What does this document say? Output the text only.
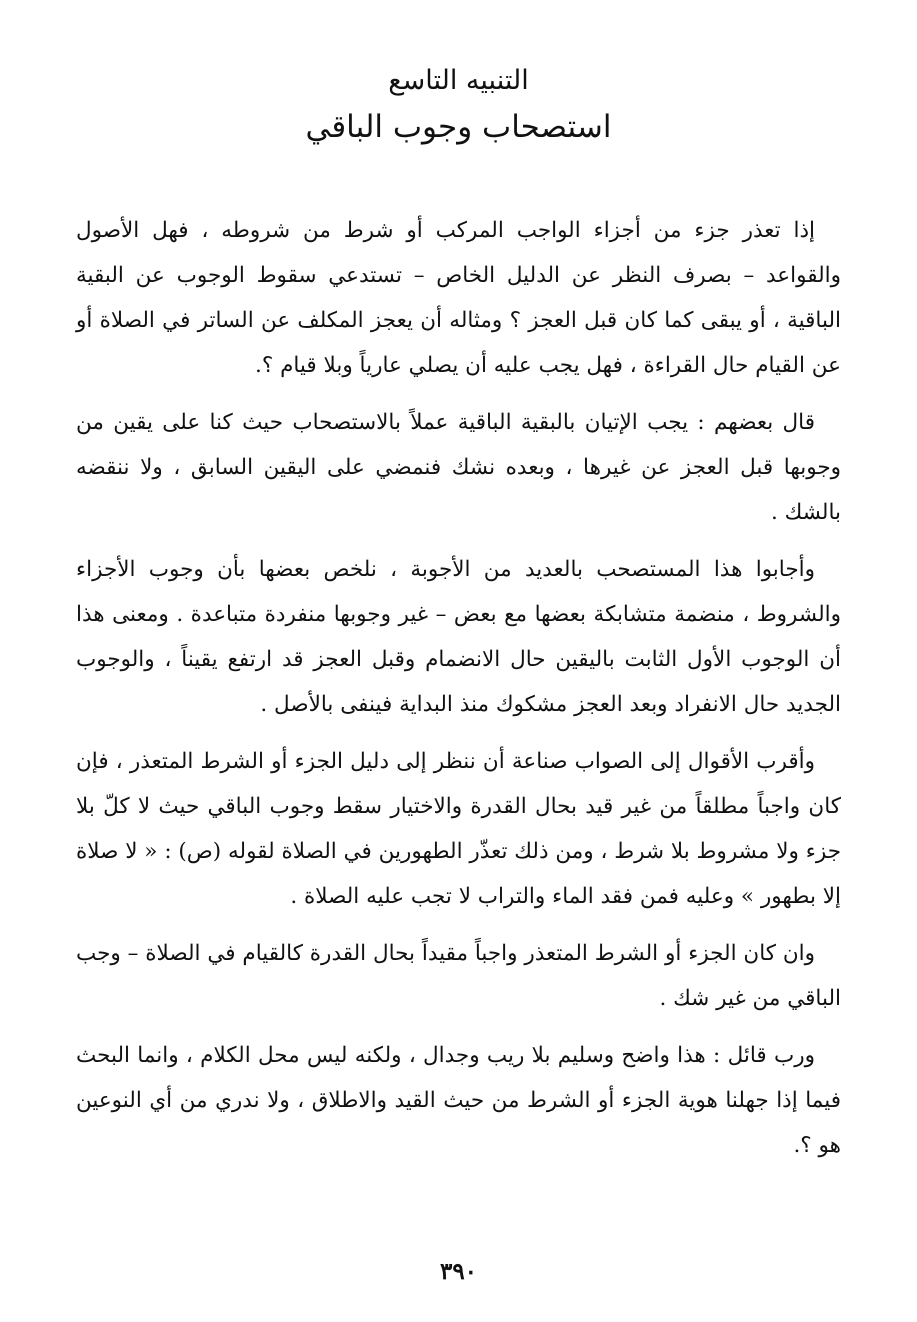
التنبيه التاسع
استصحاب وجوب الباقي

إذا تعذر جزء من أجزاء الواجب المركب أو شرط من شروطه ، فهل الأصول والقواعد – بصرف النظر عن الدليل الخاص – تستدعي سقوط الوجوب عن البقية الباقية ، أو يبقى كما كان قبل العجز ؟ ومثاله أن يعجز المكلف عن الساتر في الصلاة أو عن القيام حال القراءة ، فهل يجب عليه أن يصلي عارياً وبلا قيام ؟.

قال بعضهم : يجب الإتيان بالبقية الباقية عملاً بالاستصحاب حيث كنا على يقين من وجوبها قبل العجز عن غيرها ، وبعده نشك فنمضي على اليقين السابق ، ولا ننقضه بالشك .

وأجابوا هذا المستصحب بالعديد من الأجوبة ، نلخص بعضها بأن وجوب الأجزاء والشروط ، منضمة متشابكة بعضها مع بعض – غير وجوبها منفردة متباعدة . ومعنى هذا أن الوجوب الأول الثابت باليقين حال الانضمام وقبل العجز قد ارتفع يقيناً ، والوجوب الجديد حال الانفراد وبعد العجز مشكوك منذ البداية فينفى بالأصل .

وأقرب الأقوال إلى الصواب صناعة أن ننظر إلى دليل الجزء أو الشرط المتعذر ، فإن كان واجباً مطلقاً من غير قيد بحال القدرة والاختيار سقط وجوب الباقي حيث لا كلّ بلا جزء ولا مشروط بلا شرط ، ومن ذلك تعذّر الطهورين في الصلاة لقوله (ص) : « لا صلاة إلا بطهور » وعليه فمن فقد الماء والتراب لا تجب عليه الصلاة .

وان كان الجزء أو الشرط المتعذر واجباً مقيداً بحال القدرة كالقيام في الصلاة – وجب الباقي من غير شك .

ورب قائل : هذا واضح وسليم بلا ريب وجدال ، ولكنه ليس محل الكلام ، وانما البحث فيما إذا جهلنا هوية الجزء أو الشرط من حيث القيد والاطلاق ، ولا ندري من أي النوعين هو ؟.

٣٩٠
